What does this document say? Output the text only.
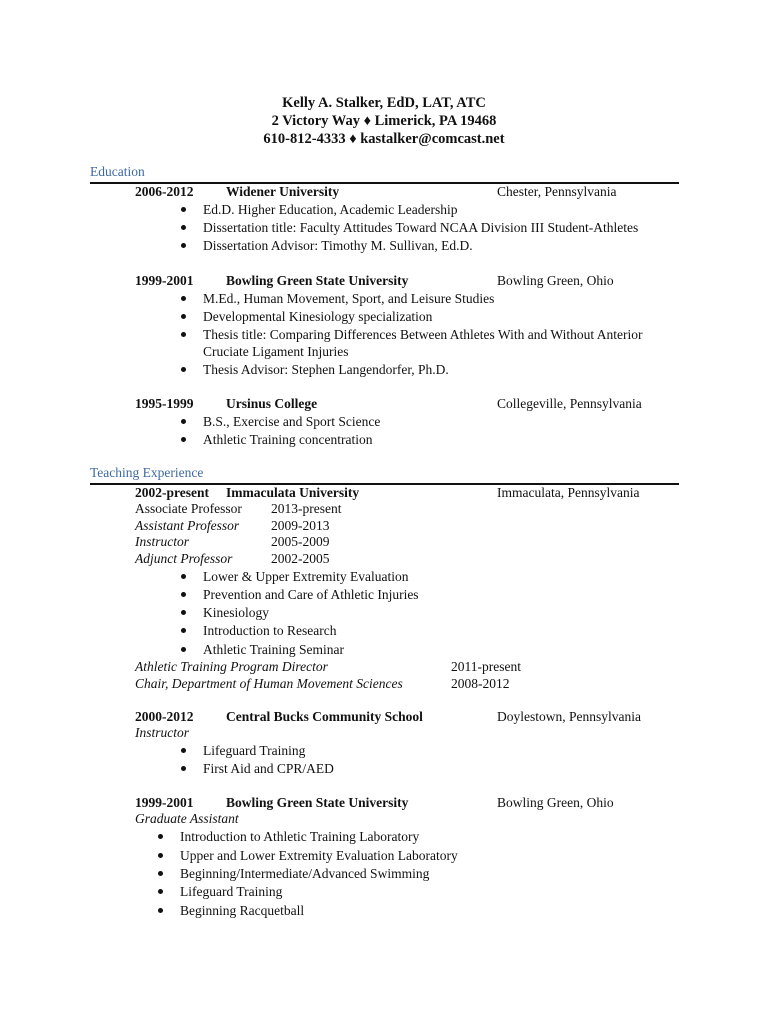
Kelly A. Stalker, EdD, LAT, ATC
2 Victory Way ♦ Limerick, PA 19468
610-812-4333 ♦ kastalker@comcast.net
Education
2006-2012 Widener University	Chester, Pennsylvania
Ed.D. Higher Education, Academic Leadership
Dissertation title: Faculty Attitudes Toward NCAA Division III Student-Athletes
Dissertation Advisor: Timothy M. Sullivan, Ed.D.
1999-2001 Bowling Green State University	Bowling Green, Ohio
M.Ed., Human Movement, Sport, and Leisure Studies
Developmental Kinesiology specialization
Thesis title: Comparing Differences Between Athletes With and Without Anterior
Cruciate Ligament Injuries
Thesis Advisor: Stephen Langendorfer, Ph.D.
1995-1999 Ursinus College	Collegeville, Pennsylvania
B.S., Exercise and Sport Science
Athletic Training concentration
Teaching Experience
2002-present Immaculata University	Immaculata, Pennsylvania
Associate Professor 2013-present
Assistant Professor 2009-2013
Instructor	2005-2009
Adjunct Professor	2002-2005
Lower & Upper Extremity Evaluation
Prevention and Care of Athletic Injuries
Kinesiology
Introduction to Research
Athletic Training Seminar
Athletic Training Program Director	2011-present
Chair, Department of Human Movement Sciences	2008-2012
2000-2012 Central Bucks Community School	Doylestown, Pennsylvania
Instructor
Lifeguard Training
First Aid and CPR/AED
1999-2001 Bowling Green State University	Bowling Green, Ohio
Graduate Assistant
Introduction to Athletic Training Laboratory
Upper and Lower Extremity Evaluation Laboratory
Beginning/Intermediate/Advanced Swimming
Lifeguard Training
Beginning Racquetball
